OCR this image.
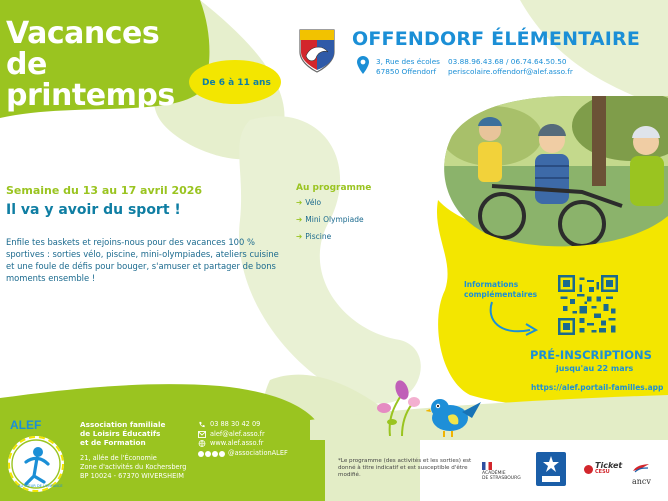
Vacances de
printemps	De 6 à 11 ans
OFFENDORF ÉLÉMENTAIRE
3, Rue des écoles
67850 Offendorf
03.88.96.43.68 / 06.74.64.50.50
periscolaire.offendorf@alef.asso.fr
Semaine du 13 au 17 avril 2026
Il va y avoir du sport !
Enfile tes baskets et rejoins-nous pour des vacances 100 % sportives : sorties vélo, piscine, mini-olympiades, ateliers cuisine et une foule de défis pour bouger, s'amuser et partager de bons moments ensemble !
Au programme
➔ Vélo
➔ Mini Olympiade
➔ Piscine
Informations
complémentaires
PRÉ-INSCRIPTIONS
jusqu'au 22 mars
https://alef.portail-familles.app
ALEF
AU CŒUR DE L'ENFANCE
Association familiale
de Loisirs Éducatifs
et de Formation
21, allée de l'Économie
Zone d'activités du Kochersberg
BP 10024 - 67370 WIVERSHEIM
03 88 30 42 09
alef@alef.asso.fr
www.alef.asso.fr
@associationALEF
*Le programme (des activités et les sorties) est donné à titre indicatif et est susceptible d'être modifié.	ACADÉMIE
DE STRASBOURG
Ticket
CESU
ancv
